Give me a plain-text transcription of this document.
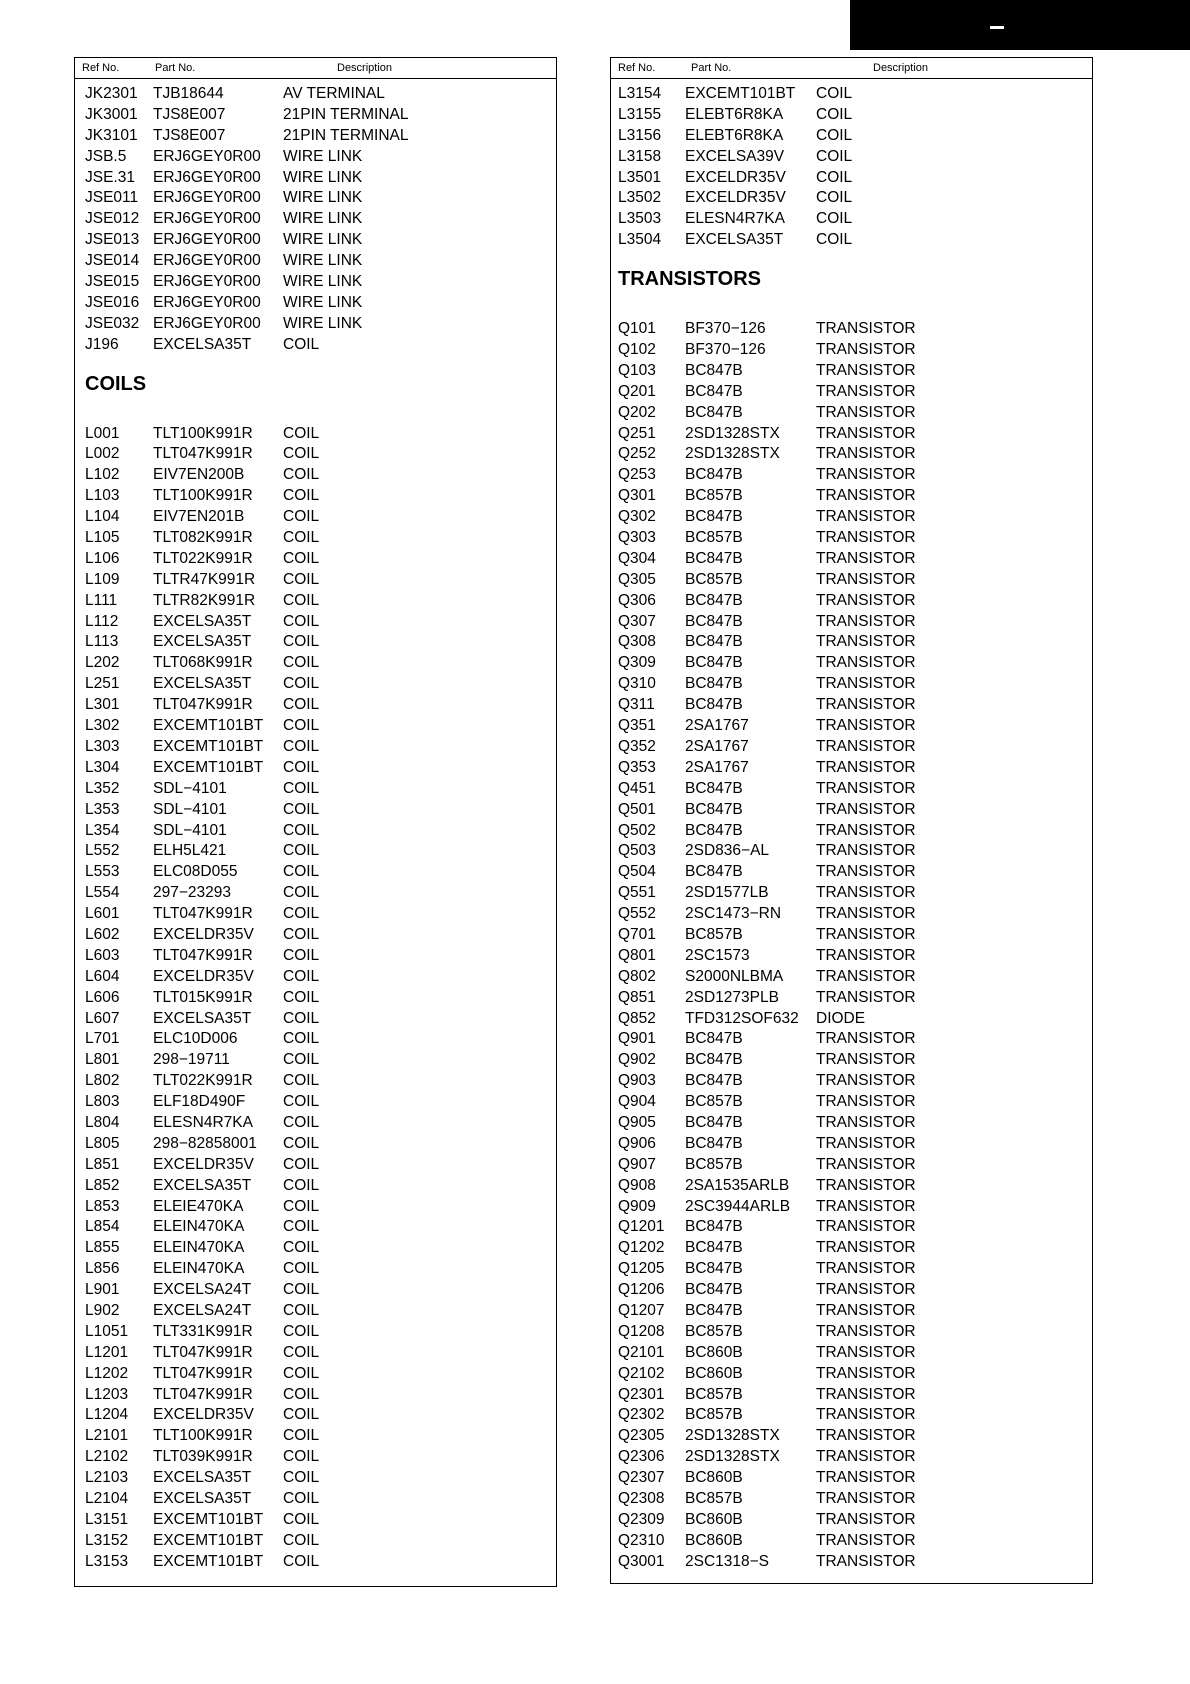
Ref No.	Part No.	Description
JK2301 TJB18644	AV TERMINAL
JK3001 TJS8E007	21PIN TERMINAL
JK3101 TJS8E007	21PIN TERMINAL
JSB.5 ERJ6GEY0R00 WIRE LINK
JSE.31 ERJ6GEY0R00 WIRE LINK
JSE011 ERJ6GEY0R00 WIRE LINK
JSE012 ERJ6GEY0R00 WIRE LINK
JSE013 ERJ6GEY0R00 WIRE LINK
JSE014 ERJ6GEY0R00 WIRE LINK
JSE015 ERJ6GEY0R00 WIRE LINK
JSE016 ERJ6GEY0R00 WIRE LINK
JSE032 ERJ6GEY0R00 WIRE LINK
J196 EXCELSA35T COIL
COILS
L001 TLT100K991R COIL
L002 TLT047K991R COIL
L102 EIV7EN200B COIL
L103 TLT100K991R COIL
L104 EIV7EN201B COIL
L105 TLT082K991R COIL
L106 TLT022K991R COIL
L109 TLTR47K991R COIL
L111 TLTR82K991R COIL
L112 EXCELSA35T COIL
L113 EXCELSA35T COIL
L202 TLT068K991R COIL
L251 EXCELSA35T COIL
L301 TLT047K991R COIL
L302 EXCEMT101BT COIL
L303 EXCEMT101BT COIL
L304 EXCEMT101BT COIL
L352 SDL−4101	COIL
L353 SDL−4101	COIL
L354 SDL−4101	COIL
L552 ELH5L421	COIL
L553 ELC08D055	COIL
L554 297−23293	COIL
L601 TLT047K991R COIL
L602 EXCELDR35V COIL
L603 TLT047K991R COIL
L604 EXCELDR35V COIL
L606 TLT015K991R COIL
L607 EXCELSA35T COIL
L701 ELC10D006	COIL
L801 298−19711	COIL
L802 TLT022K991R COIL
L803 ELF18D490F COIL
L804 ELESN4R7KA COIL
L805 298−82858001 COIL
L851 EXCELDR35V COIL
L852 EXCELSA35T COIL
L853 ELEIE470KA	COIL
L854 ELEIN470KA COIL
L855 ELEIN470KA COIL
L856 ELEIN470KA COIL
L901 EXCELSA24T COIL
L902 EXCELSA24T COIL
L1051 TLT331K991R COIL
L1201 TLT047K991R COIL
L1202 TLT047K991R COIL
L1203 TLT047K991R COIL
L1204 EXCELDR35V COIL
L2101 TLT100K991R COIL
L2102 TLT039K991R COIL
L2103 EXCELSA35T COIL
L2104 EXCELSA35T COIL
L3151 EXCEMT101BT COIL
L3152 EXCEMT101BT COIL
L3153 EXCEMT101BT COIL
Ref No.	Part No.	Description
L3154 EXCEMT101BT COIL
L3155 ELEBT6R8KA COIL
L3156 ELEBT6R8KA COIL
L3158 EXCELSA39V COIL
L3501 EXCELDR35V COIL
L3502 EXCELDR35V COIL
L3503 ELESN4R7KA COIL
L3504 EXCELSA35T COIL
TRANSISTORS
Q101 BF370−126	TRANSISTOR
Q102 BF370−126	TRANSISTOR
Q103 BC847B	TRANSISTOR
Q201 BC847B	TRANSISTOR
Q202 BC847B	TRANSISTOR
Q251 2SD1328STX TRANSISTOR
Q252 2SD1328STX TRANSISTOR
Q253 BC847B	TRANSISTOR
Q301 BC857B	TRANSISTOR
Q302 BC847B	TRANSISTOR
Q303 BC857B	TRANSISTOR
Q304 BC847B	TRANSISTOR
Q305 BC857B	TRANSISTOR
Q306 BC847B	TRANSISTOR
Q307 BC847B	TRANSISTOR
Q308 BC847B	TRANSISTOR
Q309 BC847B	TRANSISTOR
Q310 BC847B	TRANSISTOR
Q311 BC847B	TRANSISTOR
Q351 2SA1767	TRANSISTOR
Q352 2SA1767	TRANSISTOR
Q353 2SA1767	TRANSISTOR
Q451 BC847B	TRANSISTOR
Q501 BC847B	TRANSISTOR
Q502 BC847B	TRANSISTOR
Q503 2SD836−AL	TRANSISTOR
Q504 BC847B	TRANSISTOR
Q551 2SD1577LB	TRANSISTOR
Q552 2SC1473−RN TRANSISTOR
Q701 BC857B	TRANSISTOR
Q801 2SC1573	TRANSISTOR
Q802 S2000NLBMA TRANSISTOR
Q851 2SD1273PLB TRANSISTOR
Q852 TFD312SOF632 DIODE
Q901 BC847B	TRANSISTOR
Q902 BC847B	TRANSISTOR
Q903 BC847B	TRANSISTOR
Q904 BC857B	TRANSISTOR
Q905 BC847B	TRANSISTOR
Q906 BC847B	TRANSISTOR
Q907 BC857B	TRANSISTOR
Q908 2SA1535ARLB TRANSISTOR
Q909 2SC3944ARLB TRANSISTOR
Q1201 BC847B	TRANSISTOR
Q1202 BC847B	TRANSISTOR
Q1205 BC847B	TRANSISTOR
Q1206 BC847B	TRANSISTOR
Q1207 BC847B	TRANSISTOR
Q1208 BC857B	TRANSISTOR
Q2101 BC860B	TRANSISTOR
Q2102 BC860B	TRANSISTOR
Q2301 BC857B	TRANSISTOR
Q2302 BC857B	TRANSISTOR
Q2305 2SD1328STX TRANSISTOR
Q2306 2SD1328STX TRANSISTOR
Q2307 BC860B	TRANSISTOR
Q2308 BC857B	TRANSISTOR
Q2309 BC860B	TRANSISTOR
Q2310 BC860B	TRANSISTOR
Q3001 2SC1318−S	TRANSISTOR
